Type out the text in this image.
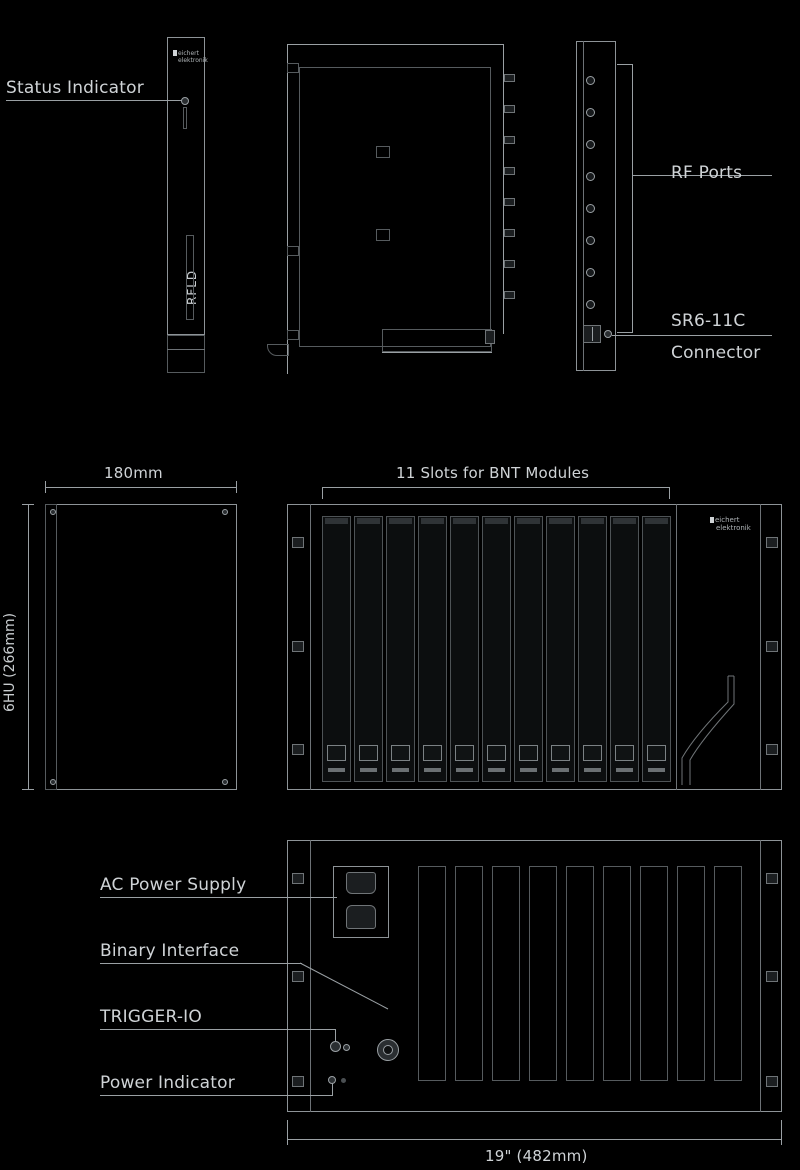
eichert
elektronik
RFLD
Status Indicator
RF Ports
SR6-11C
Connector
180mm
6HU (266mm)
11 Slots for BNT Modules
eichert
elektronik
AC Power Supply
Binary Interface
TRIGGER-IO
Power Indicator
19" (482mm)
